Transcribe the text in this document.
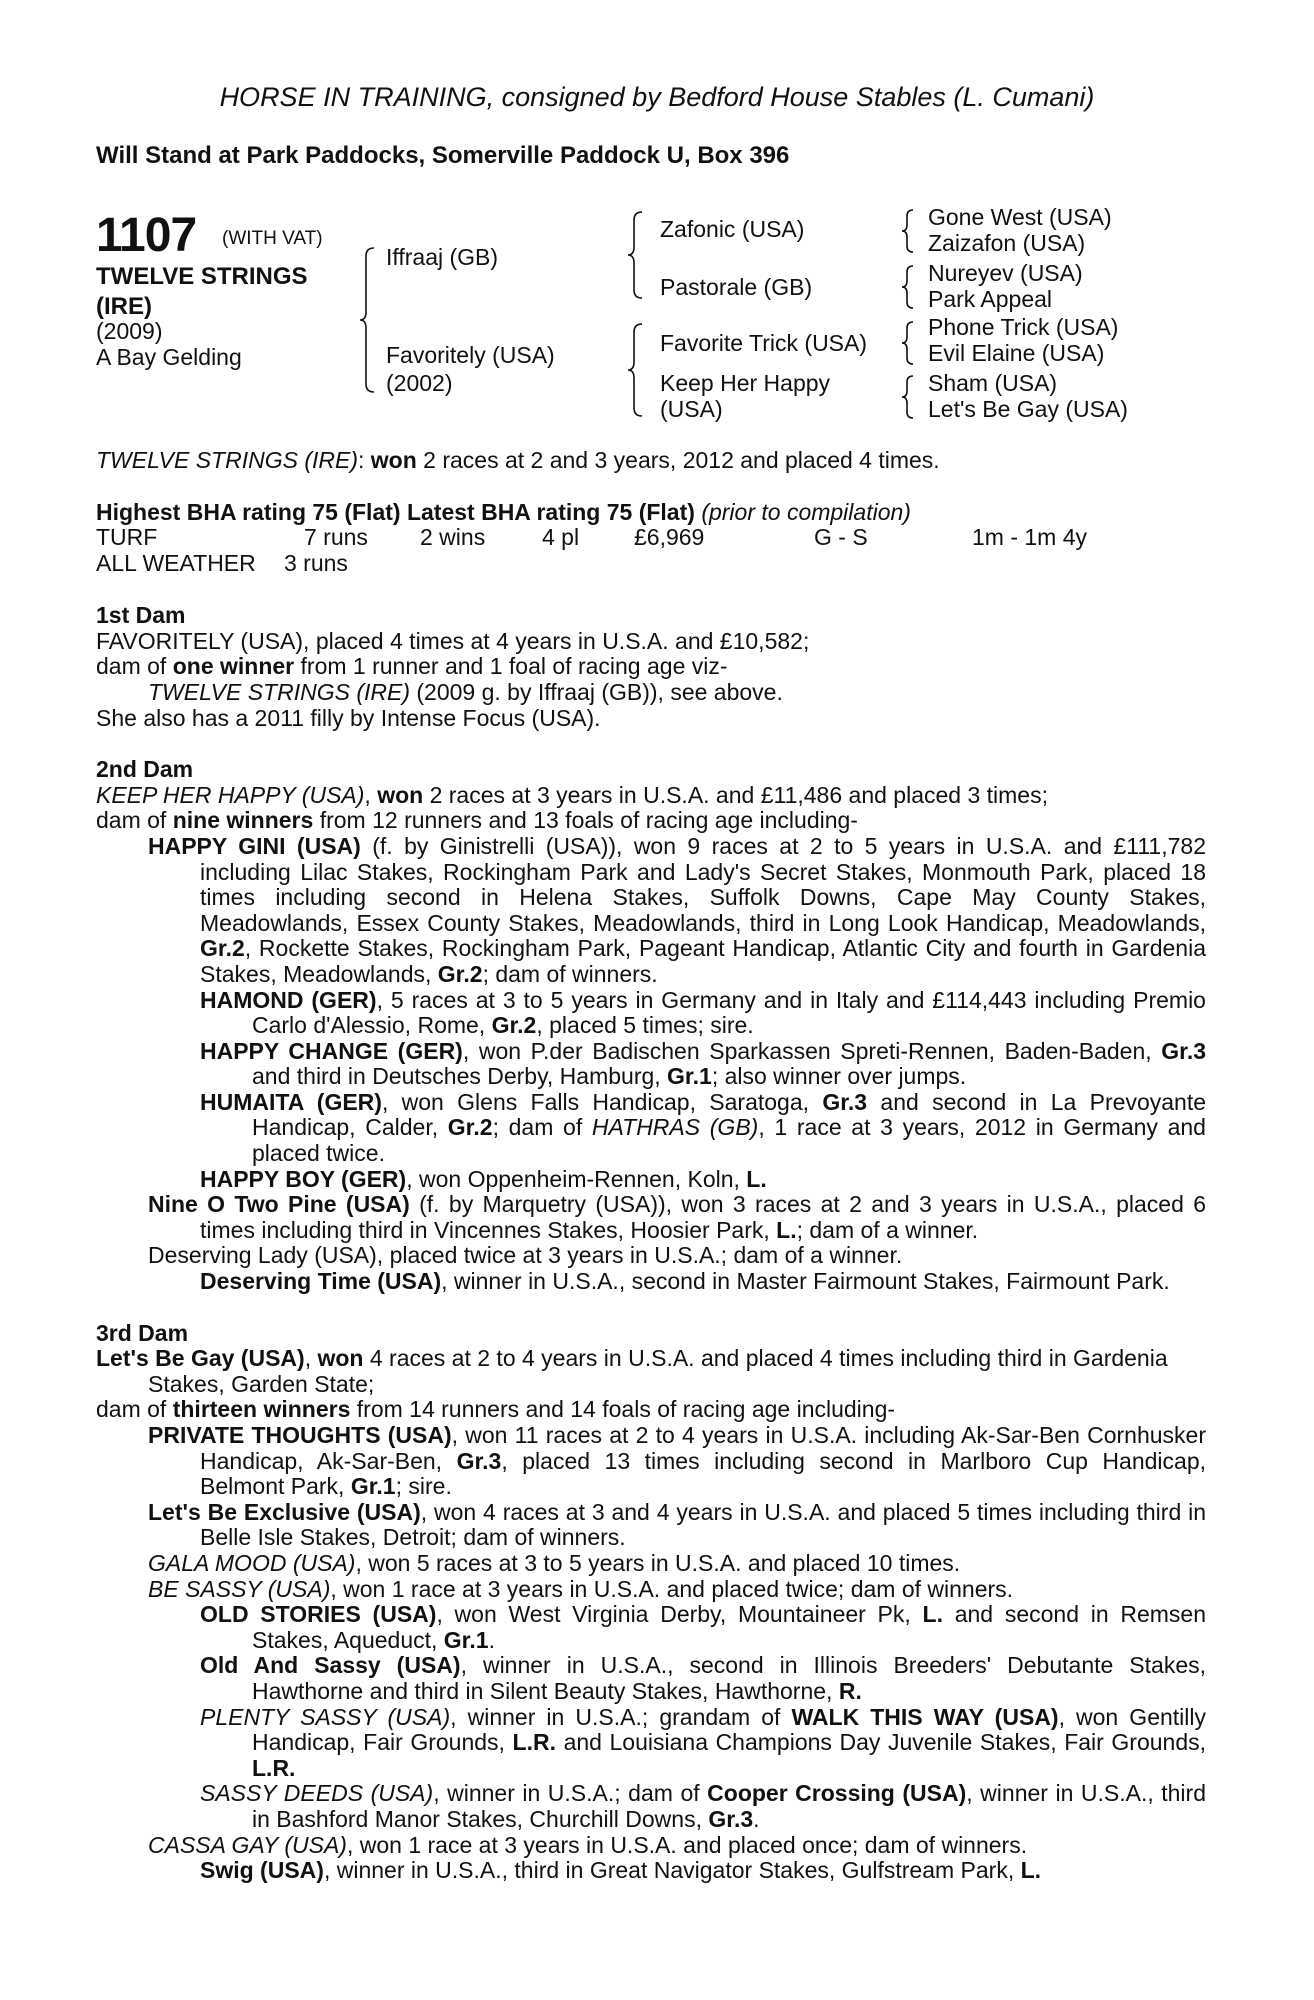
HORSE IN TRAINING, consigned by Bedford House Stables (L. Cumani)
Will Stand at Park Paddocks, Somerville Paddock U, Box 396
1107 (WITH VAT)
TWELVE STRINGS
(IRE)
(2009)
A Bay Gelding
Iffraaj (GB)
Favoritely (USA)
(2002)
Zafonic (USA)
Pastorale (GB)
Favorite Trick (USA)
Keep Her Happy
(USA)
Gone West (USA)
Zaizafon (USA)
Nureyev (USA)
Park Appeal
Phone Trick (USA)
Evil Elaine (USA)
Sham (USA)
Let's Be Gay (USA)

TWELVE STRINGS (IRE): won 2 races at 2 and 3 years, 2012 and placed 4 times.

Highest BHA rating 75 (Flat) Latest BHA rating 75 (Flat) (prior to compilation)

TURF	7 runs 2 wins 4 pl £6,969	G - S	1m - 1m 4y
ALL WEATHER 3 runs

1st Dam

FAVORITELY (USA), placed 4 times at 4 years in U.S.A. and £10,582;

dam of one winner from 1 runner and 1 foal of racing age viz-

TWELVE STRINGS (IRE) (2009 g. by Iffraaj (GB)), see above.

She also has a 2011 filly by Intense Focus (USA).

2nd Dam

KEEP HER HAPPY (USA), won 2 races at 3 years in U.S.A. and £11,486 and placed 3 times;

dam of nine winners from 12 runners and 13 foals of racing age including-

HAPPY GINI (USA) (f. by Ginistrelli (USA)), won 9 races at 2 to 5 years in U.S.A. and £111,782 including Lilac Stakes, Rockingham Park and Lady's Secret Stakes, Monmouth Park, placed 18 times including second in Helena Stakes, Suffolk Downs, Cape May County Stakes, Meadowlands, Essex County Stakes, Meadowlands, third in Long Look Handicap, Meadowlands, Gr.2, Rockette Stakes, Rockingham Park, Pageant Handicap, Atlantic City and fourth in Gardenia Stakes, Meadowlands, Gr.2; dam of winners.

HAMOND (GER), 5 races at 3 to 5 years in Germany and in Italy and £114,443 including Premio Carlo d'Alessio, Rome, Gr.2, placed 5 times; sire.

HAPPY CHANGE (GER), won P.der Badischen Sparkassen Spreti-Rennen, Baden-Baden, Gr.3 and third in Deutsches Derby, Hamburg, Gr.1; also winner over jumps.

HUMAITA (GER), won Glens Falls Handicap, Saratoga, Gr.3 and second in La Prevoyante Handicap, Calder, Gr.2; dam of HATHRAS (GB), 1 race at 3 years, 2012 in Germany and placed twice.

HAPPY BOY (GER), won Oppenheim-Rennen, Koln, L.

Nine O Two Pine (USA) (f. by Marquetry (USA)), won 3 races at 2 and 3 years in U.S.A., placed 6 times including third in Vincennes Stakes, Hoosier Park, L.; dam of a winner.

Deserving Lady (USA), placed twice at 3 years in U.S.A.; dam of a winner.

Deserving Time (USA), winner in U.S.A., second in Master Fairmount Stakes, Fairmount Park.

3rd Dam

Let's Be Gay (USA), won 4 races at 2 to 4 years in U.S.A. and placed 4 times including third in Gardenia Stakes, Garden State;

dam of thirteen winners from 14 runners and 14 foals of racing age including-

PRIVATE THOUGHTS (USA), won 11 races at 2 to 4 years in U.S.A. including Ak-Sar-Ben Cornhusker Handicap, Ak-Sar-Ben, Gr.3, placed 13 times including second in Marlboro Cup Handicap, Belmont Park, Gr.1; sire.

Let's Be Exclusive (USA), won 4 races at 3 and 4 years in U.S.A. and placed 5 times including third in Belle Isle Stakes, Detroit; dam of winners.

GALA MOOD (USA), won 5 races at 3 to 5 years in U.S.A. and placed 10 times.

BE SASSY (USA), won 1 race at 3 years in U.S.A. and placed twice; dam of winners.

OLD STORIES (USA), won West Virginia Derby, Mountaineer Pk, L. and second in Remsen Stakes, Aqueduct, Gr.1.

Old And Sassy (USA), winner in U.S.A., second in Illinois Breeders' Debutante Stakes, Hawthorne and third in Silent Beauty Stakes, Hawthorne, R.

PLENTY SASSY (USA), winner in U.S.A.; grandam of WALK THIS WAY (USA), won Gentilly Handicap, Fair Grounds, L.R. and Louisiana Champions Day Juvenile Stakes, Fair Grounds, L.R.

SASSY DEEDS (USA), winner in U.S.A.; dam of Cooper Crossing (USA), winner in U.S.A., third in Bashford Manor Stakes, Churchill Downs, Gr.3.

CASSA GAY (USA), won 1 race at 3 years in U.S.A. and placed once; dam of winners.

Swig (USA), winner in U.S.A., third in Great Navigator Stakes, Gulfstream Park, L.
